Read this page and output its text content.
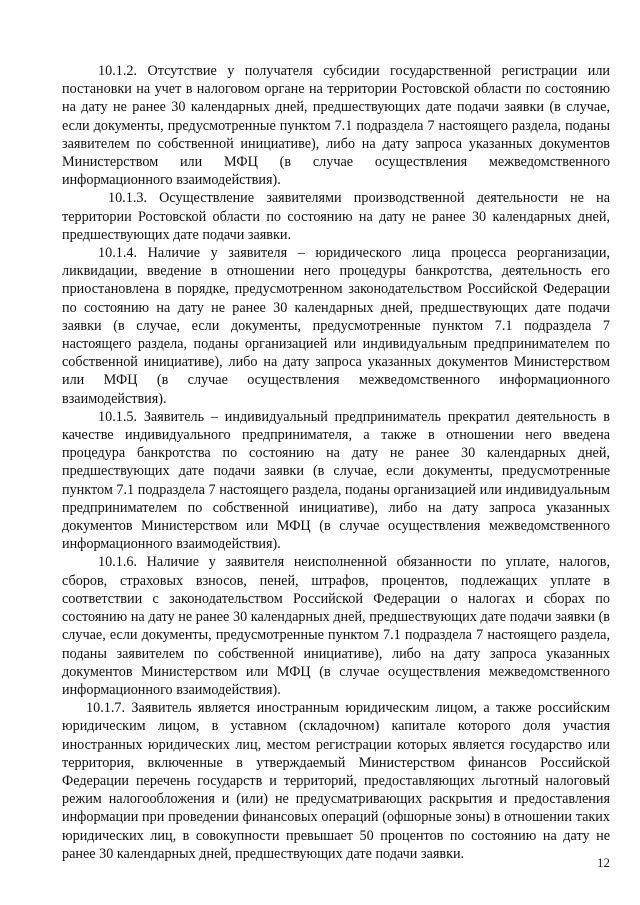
10.1.2. Отсутствие у получателя субсидии государственной регистрации или постановки на учет в налоговом органе на территории Ростовской области по состоянию на дату не ранее 30 календарных дней, предшествующих дате подачи заявки (в случае, если документы, предусмотренные пунктом 7.1 подраздела 7 настоящего раздела, поданы заявителем по собственной инициативе), либо на дату запроса указанных документов Министерством или МФЦ (в случае осуществления межведомственного информационного взаимодействия).

10.1.3. Осуществление заявителями производственной деятельности не на территории Ростовской области по состоянию на дату не ранее 30 календарных дней, предшествующих дате подачи заявки.

10.1.4. Наличие у заявителя – юридического лица процесса реорганизации, ликвидации, введение в отношении него процедуры банкротства, деятельность его приостановлена в порядке, предусмотренном законодательством Российской Федерации по состоянию на дату не ранее 30 календарных дней, предшествующих дате подачи заявки (в случае, если документы, предусмотренные пунктом 7.1 подраздела 7 настоящего раздела, поданы организацией или индивидуальным предпринимателем по собственной инициативе), либо на дату запроса указанных документов Министерством или МФЦ (в случае осуществления межведомственного информационного взаимодействия).

10.1.5. Заявитель – индивидуальный предприниматель прекратил деятельность в качестве индивидуального предпринимателя, а также в отношении него введена процедура банкротства по состоянию на дату не ранее 30 календарных дней, предшествующих дате подачи заявки (в случае, если документы, предусмотренные пунктом 7.1 подраздела 7 настоящего раздела, поданы организацией или индивидуальным предпринимателем по собственной инициативе), либо на дату запроса указанных документов Министерством или МФЦ (в случае осуществления межведомственного информационного взаимодействия).

10.1.6. Наличие у заявителя неисполненной обязанности по уплате, налогов, сборов, страховых взносов, пеней, штрафов, процентов, подлежащих уплате в соответствии с законодательством Российской Федерации о налогах и сборах по состоянию на дату не ранее 30 календарных дней, предшествующих дате подачи заявки (в случае, если документы, предусмотренные пунктом 7.1 подраздела 7 настоящего раздела, поданы заявителем по собственной инициативе), либо на дату запроса указанных документов Министерством или МФЦ (в случае осуществления межведомственного информационного взаимодействия).

10.1.7. Заявитель является иностранным юридическим лицом, а также российским юридическим лицом, в уставном (складочном) капитале которого доля участия иностранных юридических лиц, местом регистрации которых является государство или территория, включенные в утверждаемый Министерством финансов Российской Федерации перечень государств и территорий, предоставляющих льготный налоговый режим налогообложения и (или) не предусматривающих раскрытия и предоставления информации при проведении финансовых операций (офшорные зоны) в отношении таких юридических лиц, в совокупности превышает 50 процентов по состоянию на дату не ранее 30 календарных дней, предшествующих дате подачи заявки.

12
